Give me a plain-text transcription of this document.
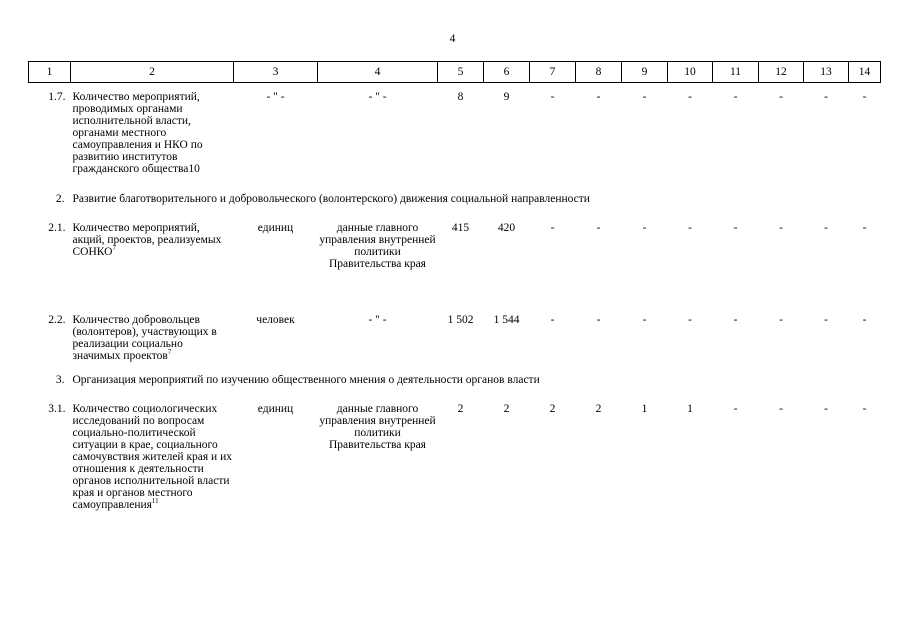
4
1	2	3	4	5	6	7	8	9	10	11	12	13	14
1.7.	Количество мероприятий, проводимых органами исполнительной власти, органами местного самоуправления и НКО по развитию институтов гражданского общества10	- " -	- " -	8	9	-	-	-	-	-	-	-	-
2.	Развитие благотворительного и добровольческого (волонтерского) движения социальной направленности												
2.1.	Количество мероприятий, акций, проектов, реализуемых СОНКО$^7$	единиц	данные главного управления внутренней политики Правительства края	415	420	-	-	-	-	-	-	-	-
2.2.	Количество добровольцев (волонтеров), участвующих в реализации социально значимых проектов$^7$	человек	- " -	1 502	1 544	-	-	-	-	-	-	-	-
3.	Организация мероприятий по изучению общественного мнения о деятельности органов власти												
3.1.	Количество социологических исследований по вопросам социально-политической ситуации в крае, социального самочувствия жителей края и их отношения к деятельности органов исполнительной власти края и органов местного самоуправления$^{11}$	единиц	данные главного управления внутренней политики Правительства края	2	2	2	2	1	1	-	-	-	-
